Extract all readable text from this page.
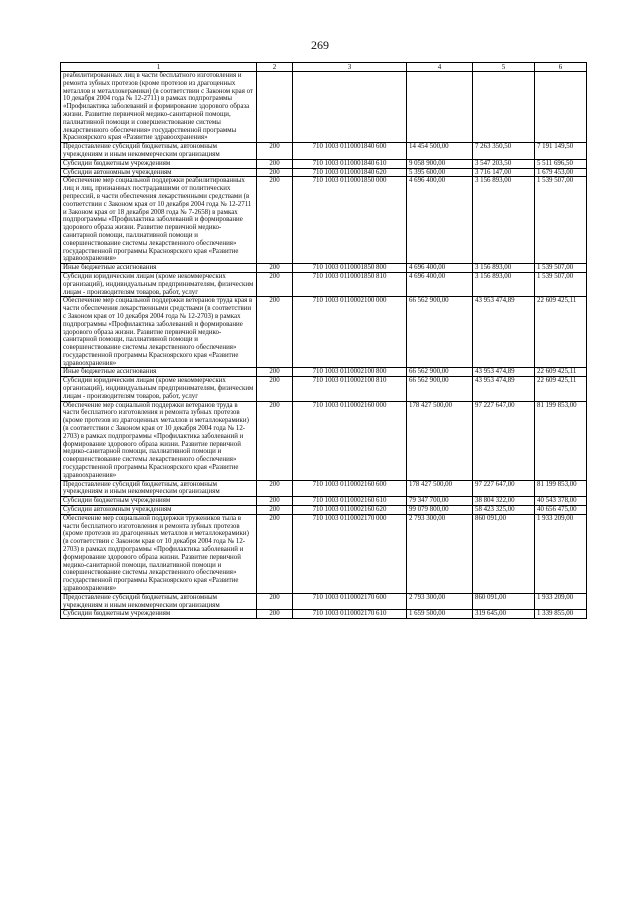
269
1	2	3	4	5	6
реабилитированных лиц в части бесплатного изготовления и ремонта зубных протезов (кроме протезов из драгоценных металлов и металлокерамики) (в соответствии с Законом края от 10 декабря 2004 года № 12-2711) в рамках подпрограммы «Профилактика заболеваний и формирование здорового образа жизни. Развитие первичной медико-санитарной помощи, паллиативной помощи и совершенствование системы лекарственного обеспечения» государственной программы Красноярского края «Развитие здравоохранения»					
Предоставление субсидий бюджетным, автономным учреждениям и иным некоммерческим организациям	200	710 1003 0110001840 600	14 454 500,00	7 263 350,50	7 191 149,50
Субсидии бюджетным учреждениям	200	710 1003 0110001840 610	9 058 900,00	3 547 203,50	5 511 696,50
Субсидии автономным учреждениям	200	710 1003 0110001840 620	5 395 600,00	3 716 147,00	1 679 453,00
Обеспечение мер социальной поддержки реабилитированных лиц и лиц, признанных пострадавшими от политических репрессий, в части обеспечения лекарственными средствами (в соответствии с Законом края от 10 декабря 2004 года № 12-2711 и Законом края от 18 декабря 2008 года № 7-2658) в рамках подпрограммы «Профилактика заболеваний и формирование здорового образа жизни. Развитие первичной медико-санитарной помощи, паллиативной помощи и совершенствование системы лекарственного обеспечения» государственной программы Красноярского края «Развитие здравоохранения»	200	710 1003 0110001850 000	4 696 400,00	3 156 893,00	1 539 507,00
Иные бюджетные ассигнования	200	710 1003 0110001850 800	4 696 400,00	3 156 893,00	1 539 507,00
Субсидии юридическим лицам (кроме некоммерческих организаций), индивидуальным предпринимателям, физическим лицам - производителям товаров, работ, услуг	200	710 1003 0110001850 810	4 696 400,00	3 156 893,00	1 539 507,00
Обеспечение мер социальной поддержки ветеранов труда края в части обеспечения лекарственными средствами (в соответствии с Законом края от 10 декабря 2004 года № 12-2703) в рамках подпрограммы «Профилактика заболеваний и формирование здорового образа жизни. Развитие первичной медико-санитарной помощи, паллиативной помощи и совершенствование системы лекарственного обеспечения» государственной программы Красноярского края «Развитие здравоохранения»	200	710 1003 0110002100 000	66 562 900,00	43 953 474,89	22 609 425,11
Иные бюджетные ассигнования	200	710 1003 0110002100 800	66 562 900,00	43 953 474,89	22 609 425,11
Субсидии юридическим лицам (кроме некоммерческих организаций), индивидуальным предпринимателям, физическим лицам - производителям товаров, работ, услуг	200	710 1003 0110002100 810	66 562 900,00	43 953 474,89	22 609 425,11
Обеспечение мер социальной поддержки ветеранов труда в части бесплатного изготовления и ремонта зубных протезов (кроме протезов из драгоценных металлов и металлокерамики) (в соответствии с Законом края от 10 декабря 2004 года № 12-2703) в рамках подпрограммы «Профилактика заболеваний и формирование здорового образа жизни. Развитие первичной медико-санитарной помощи, паллиативной помощи и совершенствование системы лекарственного обеспечения» государственной программы Красноярского края «Развитие здравоохранения»	200	710 1003 0110002160 000	178 427 500,00	97 227 647,00	81 199 853,00
Предоставление субсидий бюджетным, автономным учреждениям и иным некоммерческим организациям	200	710 1003 0110002160 600	178 427 500,00	97 227 647,00	81 199 853,00
Субсидии бюджетным учреждениям	200	710 1003 0110002160 610	79 347 700,00	38 804 322,00	40 543 378,00
Субсидии автономным учреждениям	200	710 1003 0110002160 620	99 079 800,00	58 423 325,00	40 656 475,00
Обеспечение мер социальной поддержки тружеников тыла в части бесплатного изготовления и ремонта зубных протезов (кроме протезов из драгоценных металлов и металлокерамики) (в соответствии с Законом края от 10 декабря 2004 года № 12-2703) в рамках подпрограммы «Профилактика заболеваний и формирование здорового образа жизни. Развитие первичной медико-санитарной помощи, паллиативной помощи и совершенствование системы лекарственного обеспечения» государственной программы Красноярского края «Развитие здравоохранения»	200	710 1003 0110002170 000	2 793 300,00	860 091,00	1 933 209,00
Предоставление субсидий бюджетным, автономным учреждениям и иным некоммерческим организациям	200	710 1003 0110002170 600	2 793 300,00	860 091,00	1 933 209,00
Субсидии бюджетным учреждениям	200	710 1003 0110002170 610	1 659 500,00	319 645,00	1 339 855,00
